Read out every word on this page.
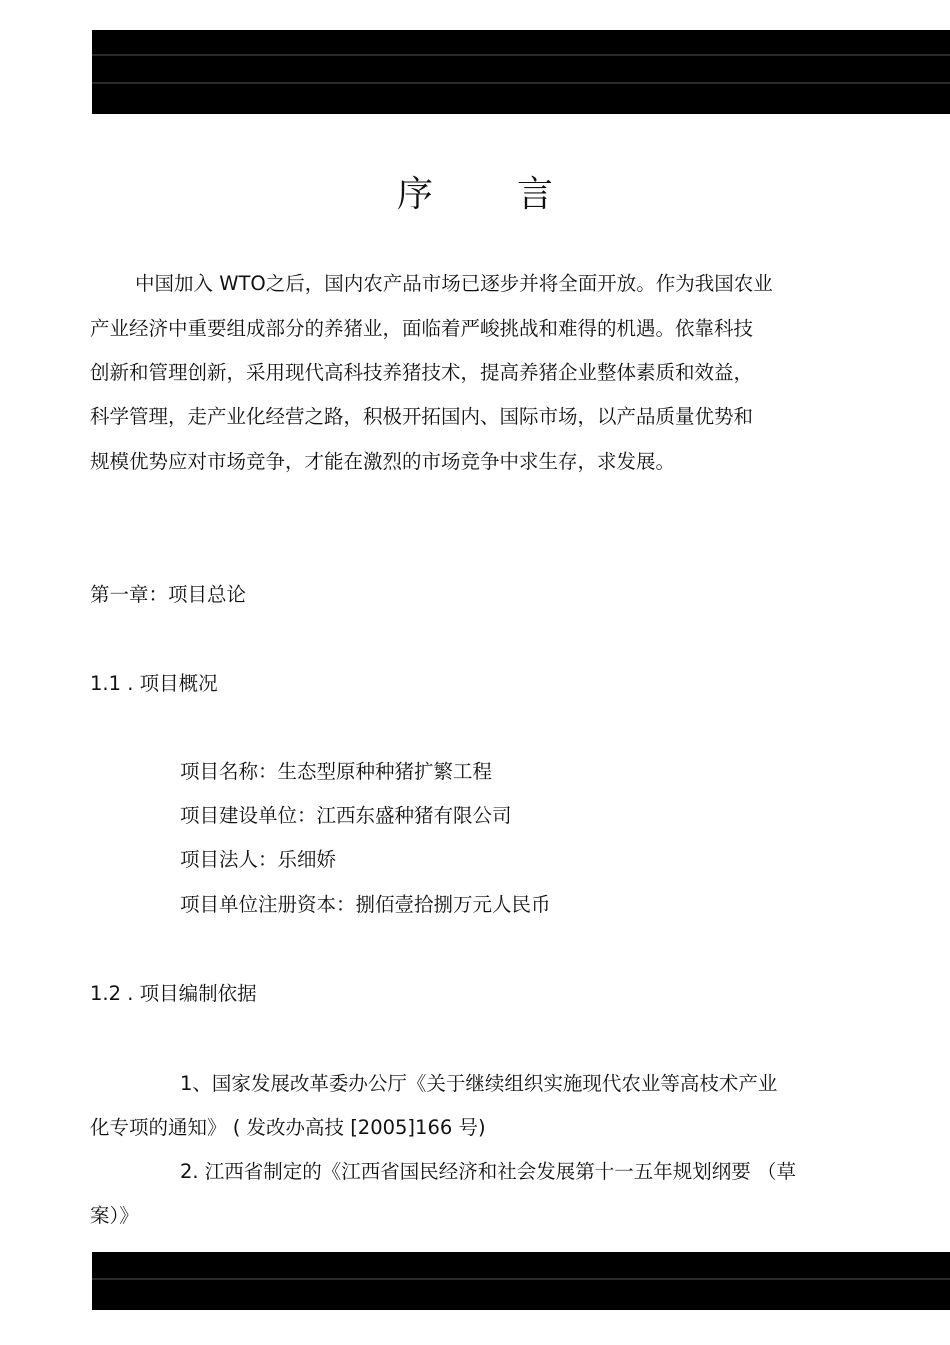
序 言
中国加入 WTO之后，国内农产品市场已逐步并将全面开放。作为我国农业
产业经济中重要组成部分的养猪业，面临着严峻挑战和难得的机遇。依靠科技
创新和管理创新，采用现代高科技养猪技术，提高养猪企业整体素质和效益，
科学管理，走产业化经营之路，积极开拓国内、国际市场，以产品质量优势和
规模优势应对市场竞争，才能在激烈的市场竞争中求生存，求发展。
第一章：项目总论
1.1 . 项目概况
项目名称：生态型原种种猪扩繁工程
项目建设单位：江西东盛种猪有限公司
项目法人：乐细娇
项目单位注册资本：捌佰壹拾捌万元人民币
1.2 . 项目编制依据
1、国家发展改革委办公厅《关于继续组织实施现代农业等高枝术产业
化专项的通知》 ( 发改办高技 [2005]166 号)
2. 江西省制定的《江西省国民经济和社会发展第十一五年规划纲要 （草
案）》
